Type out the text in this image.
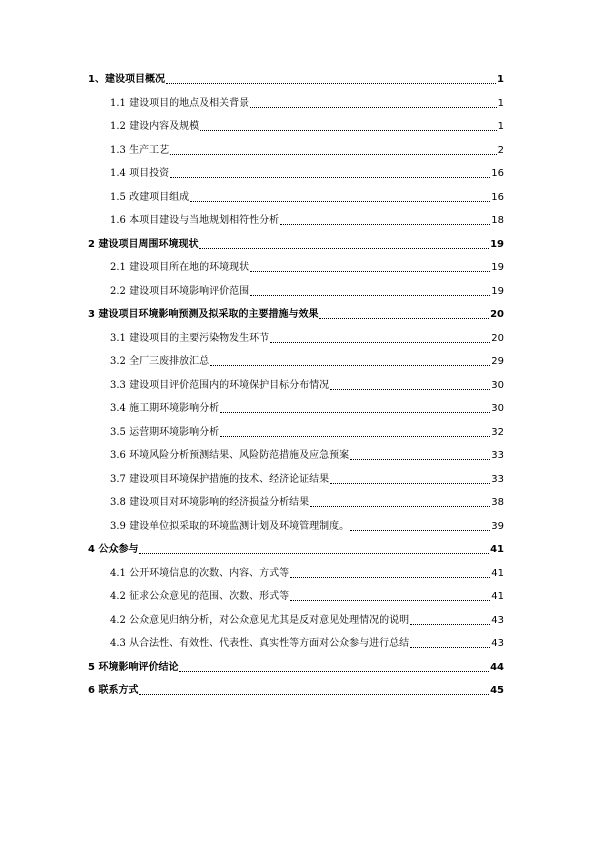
1、建设项目概况	1
1.1 建设项目的地点及相关背景	1
1.2 建设内容及规模	1
1.3 生产工艺	2
1.4 项目投资	16
1.5 改建项目组成	16
1.6 本项目建设与当地规划相符性分析	18
2 建设项目周围环境现状	19
2.1 建设项目所在地的环境现状	19
2.2 建设项目环境影响评价范围	19
3 建设项目环境影响预测及拟采取的主要措施与效果	20
3.1 建设项目的主要污染物发生环节	20
3.2 全厂三废排放汇总	29
3.3 建设项目评价范围内的环境保护目标分布情况	30
3.4 施工期环境影响分析	30
3.5 运营期环境影响分析	32
3.6 环境风险分析预测结果、风险防范措施及应急预案	33
3.7 建设项目环境保护措施的技术、经济论证结果	33
3.8 建设项目对环境影响的经济损益分析结果	38
3.9 建设单位拟采取的环境监测计划及环境管理制度。	39
4 公众参与	41
4.1 公开环境信息的次数、内容、方式等	41
4.2 征求公众意见的范围、次数、形式等	41
4.2 公众意见归纳分析，对公众意见尤其是反对意见处理情况的说明	43
4.3 从合法性、有效性、代表性、真实性等方面对公众参与进行总结	43
5 环境影响评价结论	44
6 联系方式	45
